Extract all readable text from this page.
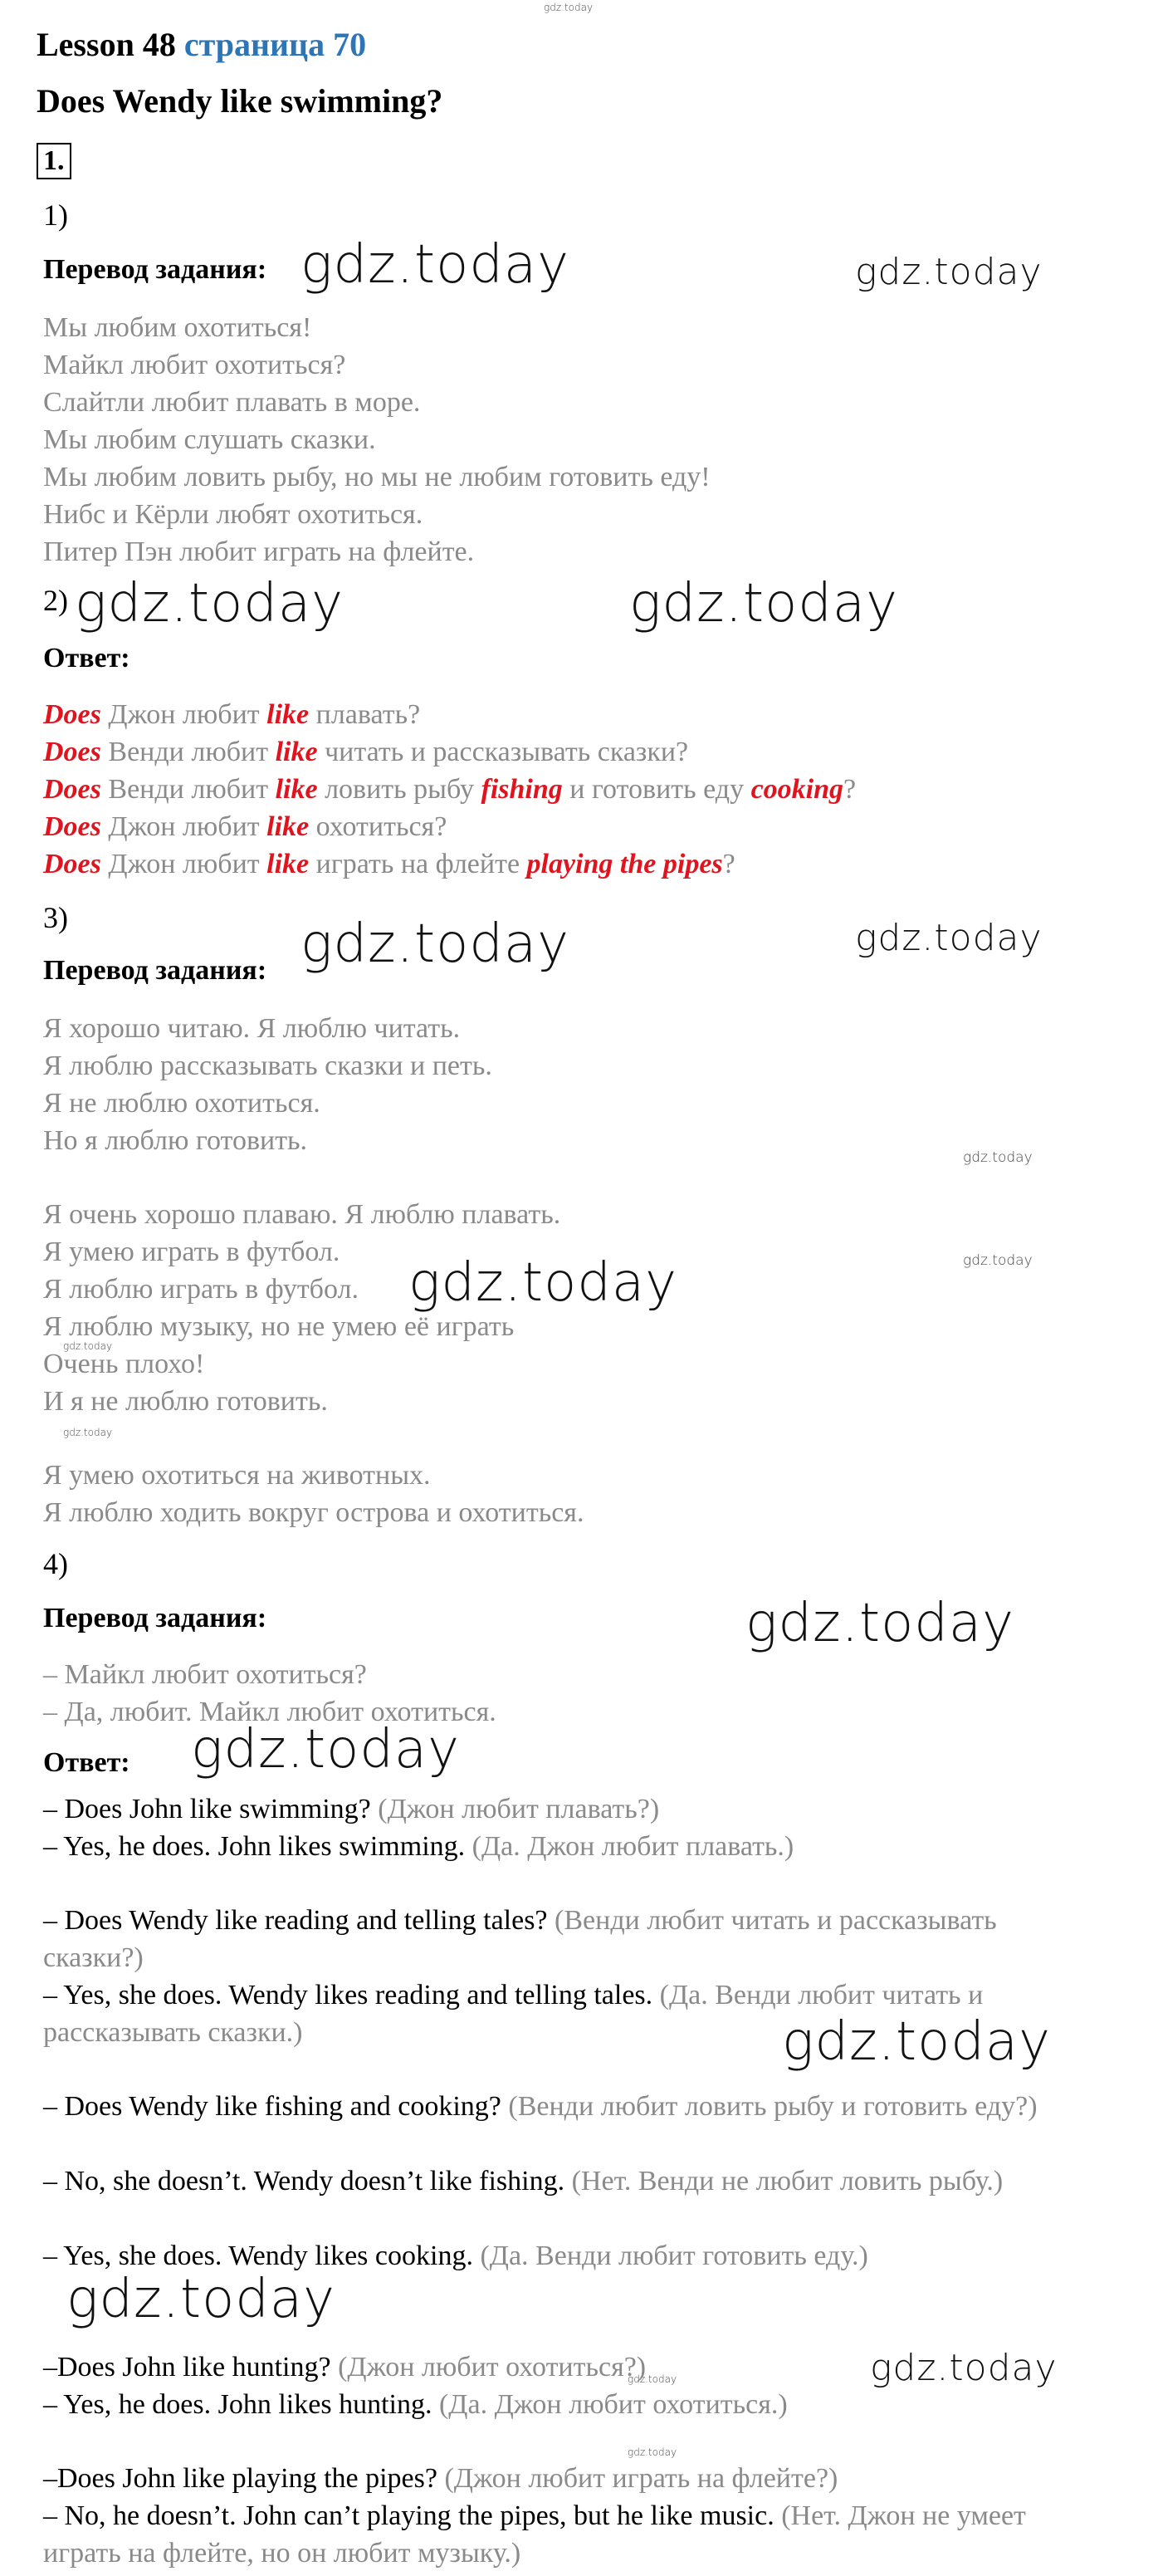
gdz.today
gdz.today	gdz.today
gdz.today	gdz.today
gdz.today	gdz.today
gdz.today
gdz.today	gdz.today
gdz.today
gdz.today
gdz.today
gdz.today
gdz.today
gdz.today
gdz.today
gdz.today
gdz.today
Lesson 48 страница 70
Does Wendy like swimming?
1.
1)
Перевод задания:
Мы любим охотиться!
Майкл любит охотиться?
Слайтли любит плавать в море.
Мы любим слушать сказки.
Мы любим ловить рыбу, но мы не любим готовить еду!
Нибс и Кёрли любят охотиться.
Питер Пэн любит играть на флейте.
2)
Ответ:
Does Джон любит like плавать?
Does Венди любит like читать и рассказывать сказки?
Does Венди любит like ловить рыбу fishing и готовить еду cooking?
Does Джон любит like охотиться?
Does Джон любит like играть на флейте playing the pipes?
3)
Перевод задания:
Я хорошо читаю. Я люблю читать.
Я люблю рассказывать сказки и петь.
Я не люблю охотиться.
Но я люблю готовить.
Я очень хорошо плаваю. Я люблю плавать.
Я умею играть в футбол.
Я люблю играть в футбол.
Я люблю музыку, но не умею её играть
Очень плохо!
И я не люблю готовить.
Я умею охотиться на животных.
Я люблю ходить вокруг острова и охотиться.
4)
Перевод задания:
– Майкл любит охотиться?
– Да, любит. Майкл любит охотиться.
Ответ:
– Does John like swimming? (Джон любит плавать?)
– Yes, he does. John likes swimming. (Да. Джон любит плавать.)
– Does Wendy like reading and telling tales? (Венди любит читать и рассказывать сказки?)
– Yes, she does. Wendy likes reading and telling tales. (Да. Венди любит читать и рассказывать сказки.)
– Does Wendy like fishing and cooking? (Венди любит ловить рыбу и готовить еду?)
– No, she doesn’t. Wendy doesn’t like fishing. (Нет. Венди не любит ловить рыбу.)
– Yes, she does. Wendy likes cooking. (Да. Венди любит готовить еду.)
–Does John like hunting? (Джон любит охотиться?)
– Yes, he does. John likes hunting. (Да. Джон любит охотиться.)
–Does John like playing the pipes? (Джон любит играть на флейте?)
– No, he doesn’t. John can’t playing the pipes, but he like music. (Нет. Джон не умеет играть на флейте, но он любит музыку.)
